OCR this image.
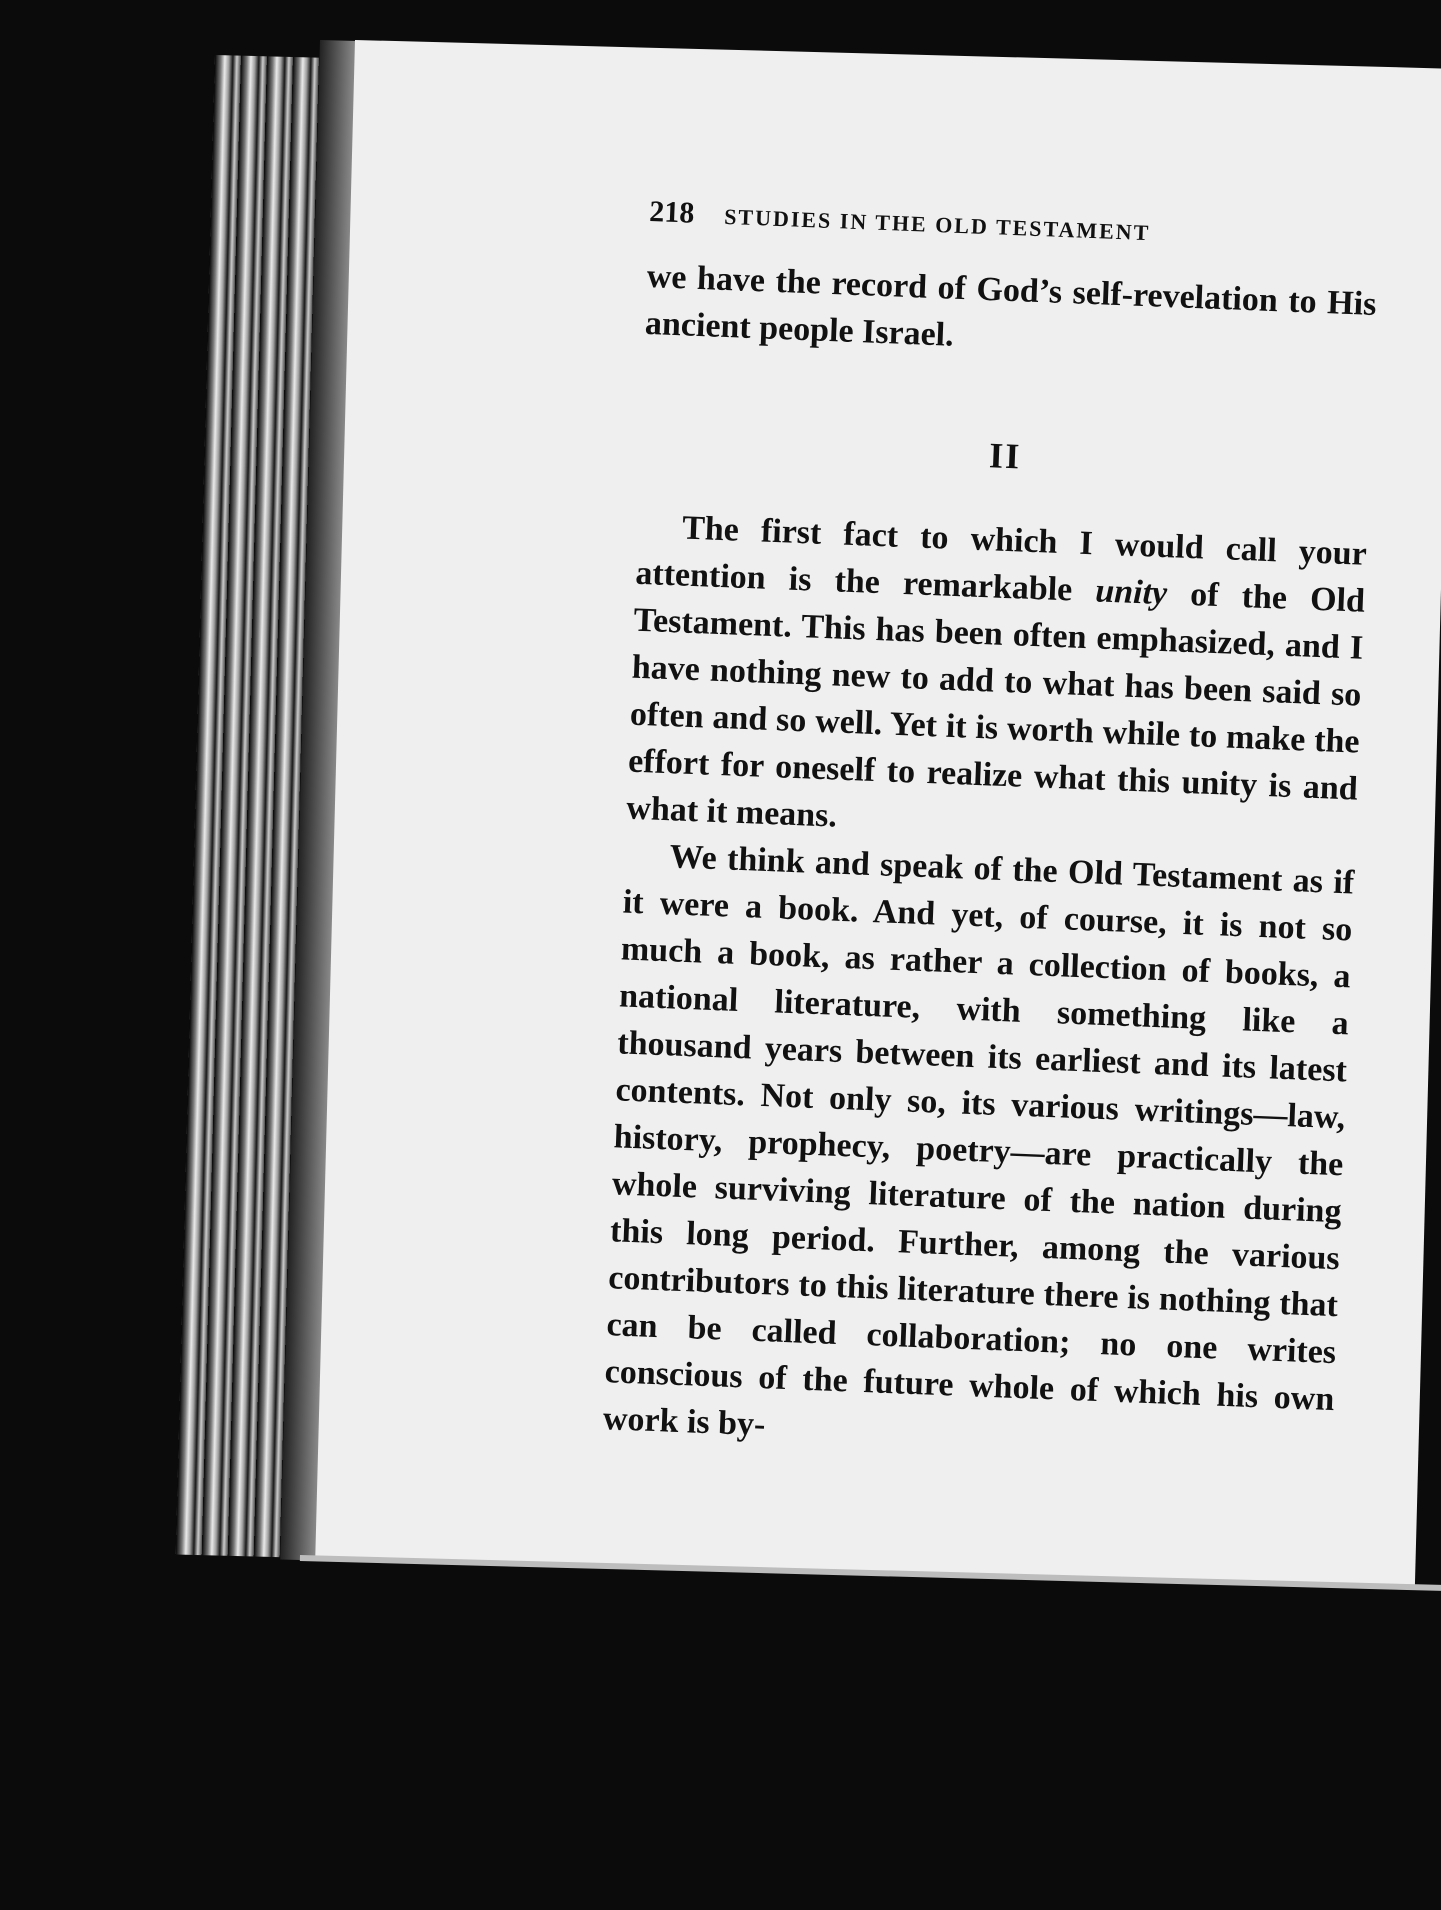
218 STUDIES IN THE OLD TESTAMENT

we have the record of God’s self-revelation to His ancient people Israel.

II

The first fact to which I would call your attention is the remarkable unity of the Old Testament. This has been often emphasized, and I have nothing new to add to what has been said so often and so well. Yet it is worth while to make the effort for oneself to realize what this unity is and what it means.

We think and speak of the Old Testament as if it were a book. And yet, of course, it is not so much a book, as rather a collection of books, a national literature, with something like a thousand years between its earliest and its latest contents. Not only so, its various writings—law, history, prophecy, poetry—are practically the whole surviving literature of the nation during this long period. Further, among the various contributors to this literature there is nothing that can be called collaboration; no one writes conscious of the future whole of which his own work is by-
